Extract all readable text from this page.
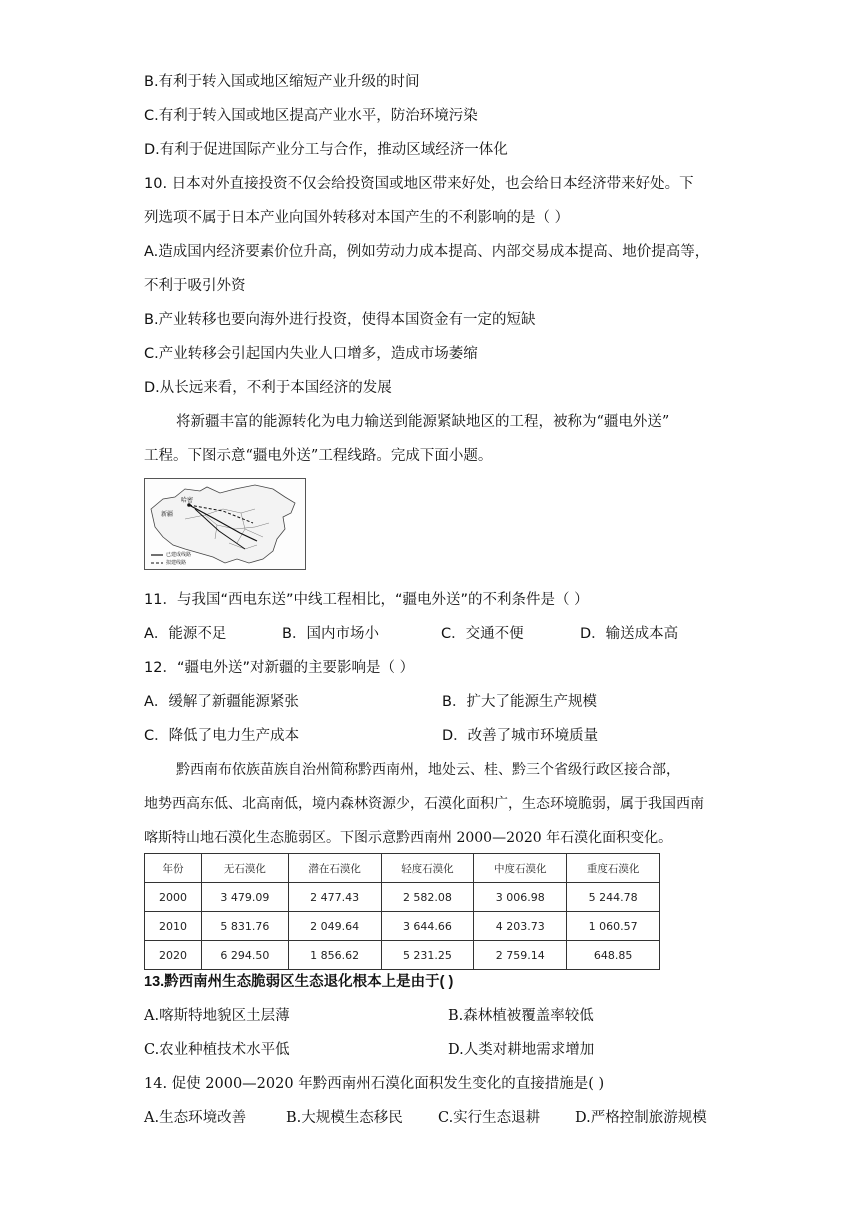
B.有利于转入国或地区缩短产业升级的时间
C.有利于转入国或地区提高产业水平，防治环境污染
D.有利于促进国际产业分工与合作，推动区域经济一体化
10. 日本对外直接投资不仅会给投资国或地区带来好处，也会给日本经济带来好处。下
列选项不属于日本产业向国外转移对本国产生的不利影响的是（ ）
A.造成国内经济要素价位升高，例如劳动力成本提高、内部交易成本提高、地价提高等，
不利于吸引外资
B.产业转移也要向海外进行投资，使得本国资金有一定的短缺
C.产业转移会引起国内失业人口增多，造成市场萎缩
D.从长远来看，不利于本国经济的发展
将新疆丰富的能源转化为电力输送到能源紧缺地区的工程，被称为“疆电外送”
工程。下图示意“疆电外送”工程线路。完成下面小题。
新疆
哈密
已建成线路
拟建线路
11．与我国“西电东送”中线工程相比，“疆电外送”的不利条件是（ ）
A．能源不足	B．国内市场小	C．交通不便	D．输送成本高
12．“疆电外送”对新疆的主要影响是（ ）
A．缓解了新疆能源紧张	B．扩大了能源生产规模
C．降低了电力生产成本	D．改善了城市环境质量
黔西南布依族苗族自治州简称黔西南州，地处云、桂、黔三个省级行政区接合部，
地势西高东低、北高南低，境内森林资源少，石漠化面积广，生态环境脆弱，属于我国西南
喀斯特山地石漠化生态脆弱区。下图示意黔西南州 2000—2020 年石漠化面积变化。
年份	无石漠化	潜在石漠化	轻度石漠化	中度石漠化	重度石漠化
2000	3 479.09	2 477.43	2 582.08	3 006.98	5 244.78
2010	5 831.76	2 049.64	3 644.66	4 203.73	1 060.57
2020	6 294.50	1 856.62	5 231.25	2 759.14	648.85
13.黔西南州生态脆弱区生态退化根本上是由于( )
A.喀斯特地貌区土层薄	B.森林植被覆盖率较低
C.农业种植技术水平低	D.人类对耕地需求增加
14. 促使 2000—2020 年黔西南州石漠化面积发生变化的直接措施是( )
A.生态环境改善	B.大规模生态移民 C.实行生态退耕 D.严格控制旅游规模
